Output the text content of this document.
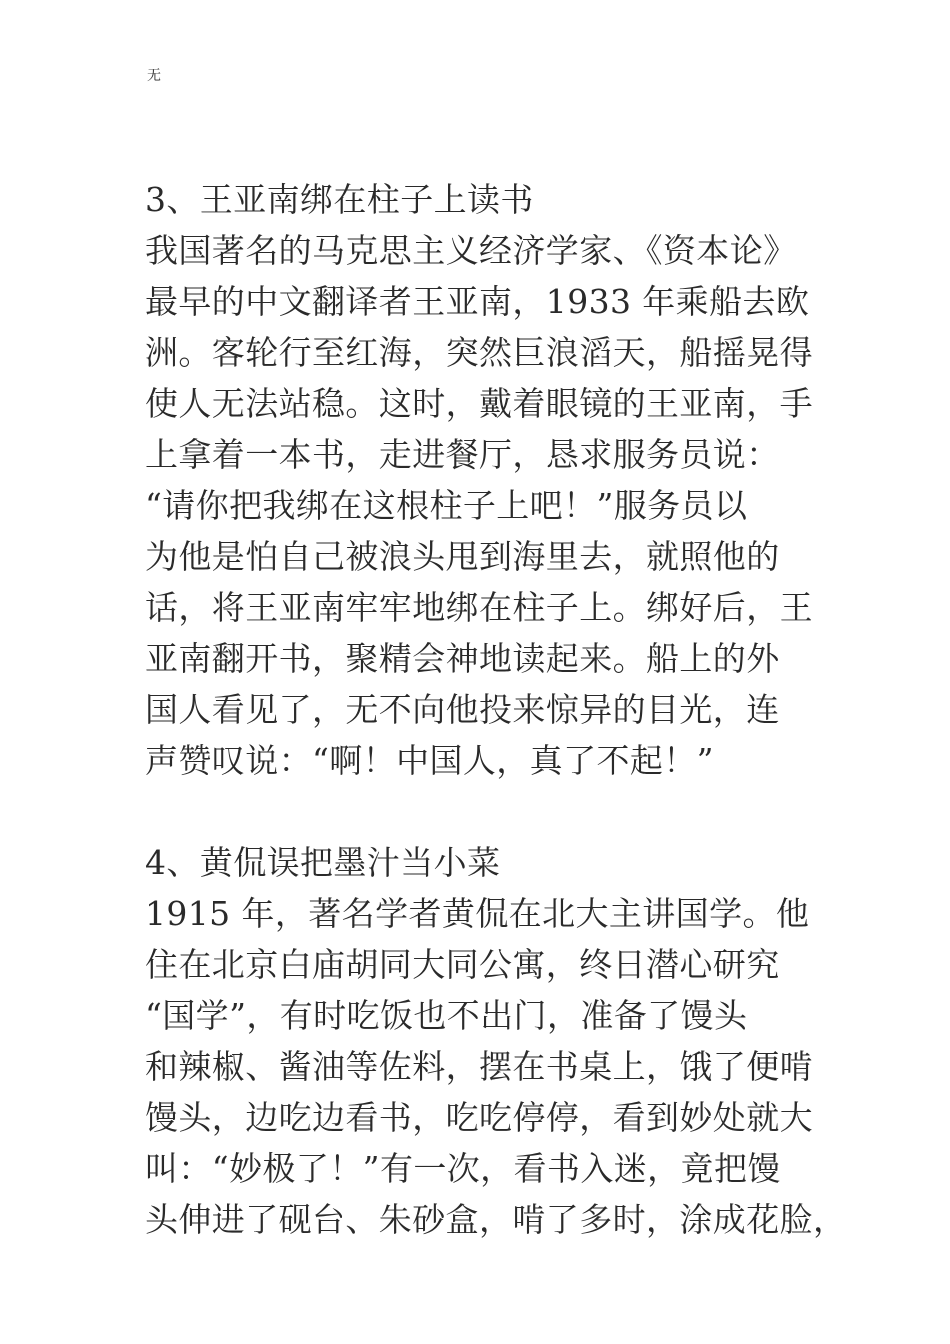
无
3、王亚南绑在柱子上读书
我国著名的马克思主义经济学家、《资本论》
最早的中文翻译者王亚南，1933 年乘船去欧
洲。客轮行至红海，突然巨浪滔天，船摇晃得
使人无法站稳。这时，戴着眼镜的王亚南，手
上拿着一本书，走进餐厅，恳求服务员说：
“请你把我绑在这根柱子上吧！”服务员以
为他是怕自己被浪头甩到海里去，就照他的
话，将王亚南牢牢地绑在柱子上。绑好后，王
亚南翻开书，聚精会神地读起来。船上的外
国人看见了，无不向他投来惊异的目光，连
声赞叹说：“啊！中国人，真了不起！”
4、黄侃误把墨汁当小菜
1915 年，著名学者黄侃在北大主讲国学。他
住在北京白庙胡同大同公寓，终日潜心研究
“国学”，有时吃饭也不出门，准备了馒头
和辣椒、酱油等佐料，摆在书桌上，饿了便啃
馒头，边吃边看书，吃吃停停，看到妙处就大
叫：“妙极了！”有一次，看书入迷，竟把馒
头伸进了砚台、朱砂盒，啃了多时，涂成花脸，
